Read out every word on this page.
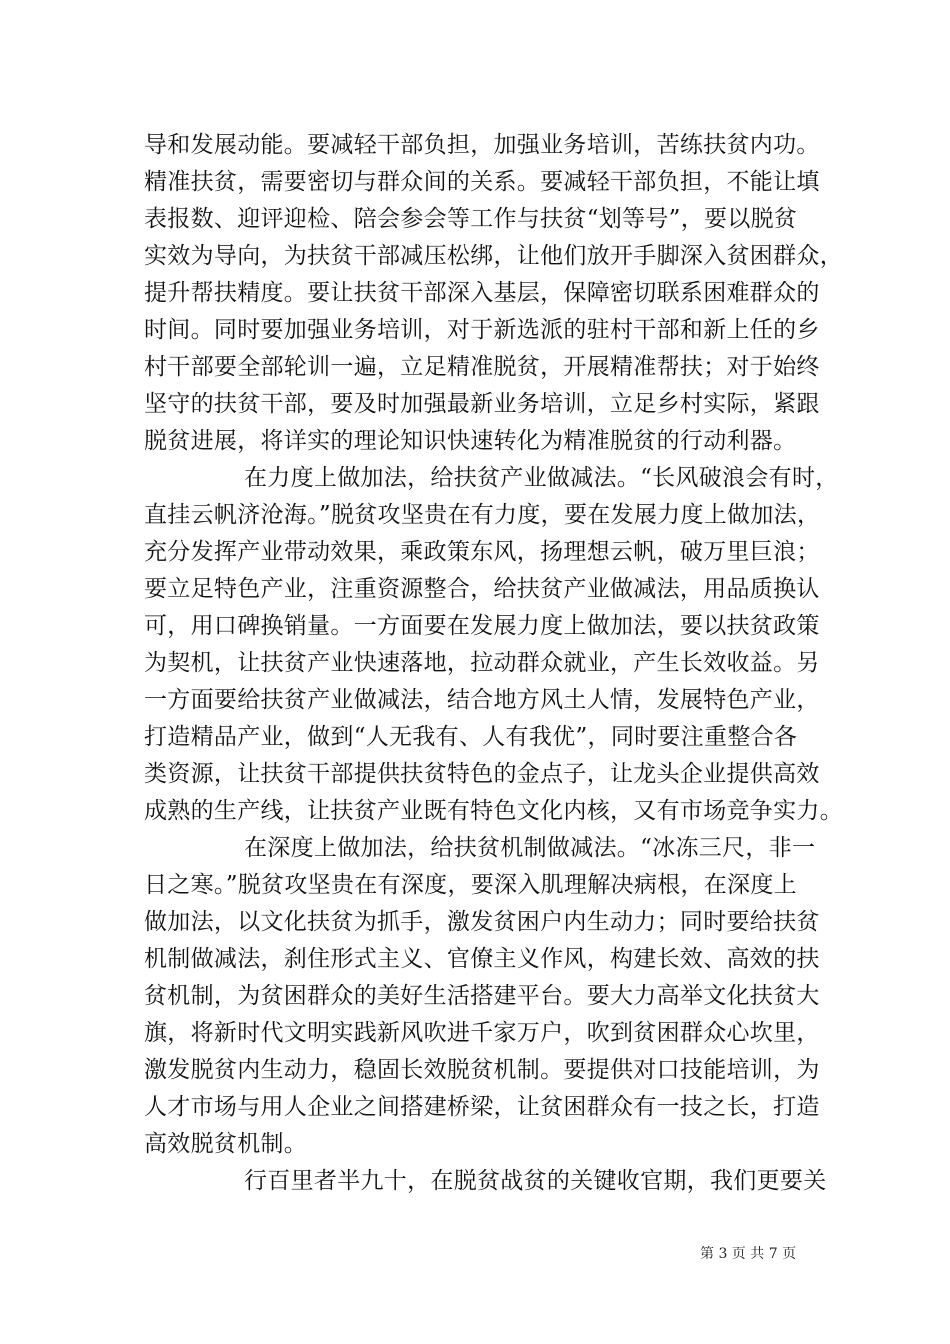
导和发展动能。要减轻干部负担，加强业务培训，苦练扶贫内功。
精准扶贫，需要密切与群众间的关系。要减轻干部负担，不能让填
表报数、迎评迎检、陪会参会等工作与扶贫“划等号”，要以脱贫
实效为导向，为扶贫干部减压松绑，让他们放开手脚深入贫困群众，
提升帮扶精度。要让扶贫干部深入基层，保障密切联系困难群众的
时间。同时要加强业务培训，对于新选派的驻村干部和新上任的乡
村干部要全部轮训一遍，立足精准脱贫，开展精准帮扶；对于始终
坚守的扶贫干部，要及时加强最新业务培训，立足乡村实际，紧跟
脱贫进展，将详实的理论知识快速转化为精准脱贫的行动利器。
在力度上做加法，给扶贫产业做减法。“长风破浪会有时，
直挂云帆济沧海。”脱贫攻坚贵在有力度，要在发展力度上做加法，
充分发挥产业带动效果，乘政策东风，扬理想云帆，破万里巨浪；
要立足特色产业，注重资源整合，给扶贫产业做减法，用品质换认
可，用口碑换销量。一方面要在发展力度上做加法，要以扶贫政策
为契机，让扶贫产业快速落地，拉动群众就业，产生长效收益。另
一方面要给扶贫产业做减法，结合地方风土人情，发展特色产业，
打造精品产业，做到“人无我有、人有我优”，同时要注重整合各
类资源，让扶贫干部提供扶贫特色的金点子，让龙头企业提供高效
成熟的生产线，让扶贫产业既有特色文化内核，又有市场竞争实力。
在深度上做加法，给扶贫机制做减法。“冰冻三尺，非一
日之寒。”脱贫攻坚贵在有深度，要深入肌理解决病根，在深度上
做加法，以文化扶贫为抓手，激发贫困户内生动力；同时要给扶贫
机制做减法，刹住形式主义、官僚主义作风，构建长效、高效的扶
贫机制，为贫困群众的美好生活搭建平台。要大力高举文化扶贫大
旗，将新时代文明实践新风吹进千家万户，吹到贫困群众心坎里，
激发脱贫内生动力，稳固长效脱贫机制。要提供对口技能培训，为
人才市场与用人企业之间搭建桥梁，让贫困群众有一技之长，打造
高效脱贫机制。
行百里者半九十，在脱贫战贫的关键收官期，我们更要关
第 3 页 共 7 页
